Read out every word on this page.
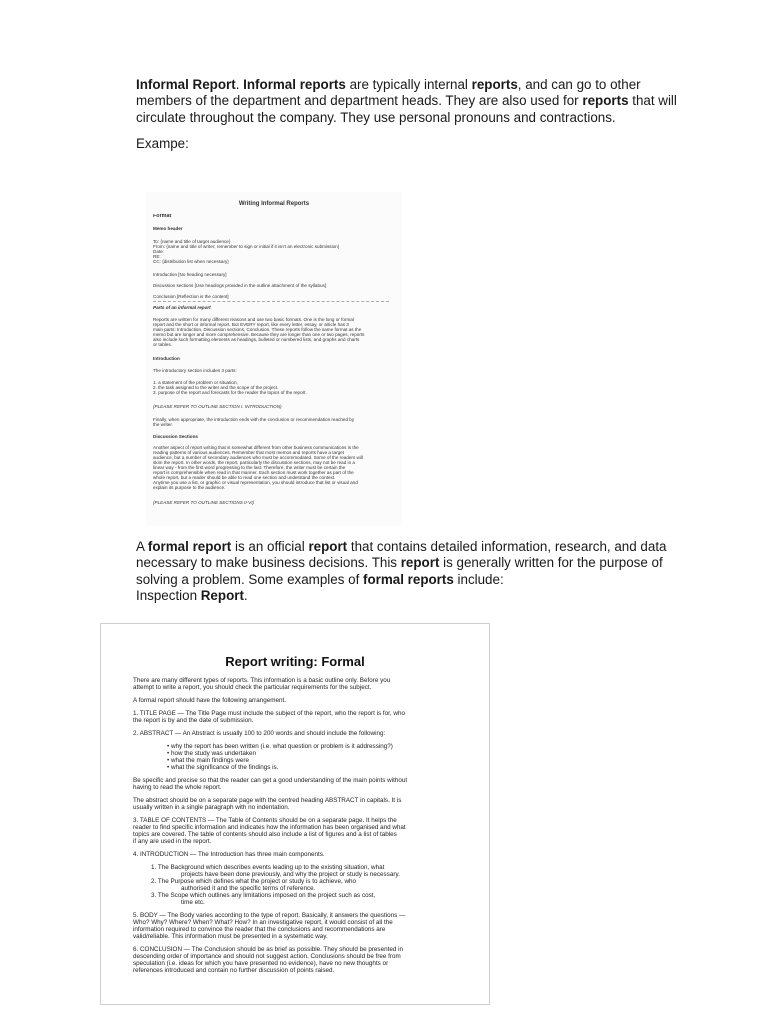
Informal Report. Informal reports are typically internal reports, and can go to other members of the department and department heads. They are also used for reports that will circulate throughout the company. They use personal pronouns and contractions.

Exampe:

Writing Informal Reports
Format
Memo header
To: {name and title of target audience}
From: {name and title of writer; remember to sign or initial if it isn't an electronic submission}
Date:
RE:
CC: {distribution list when necessary}
Introduction [No heading necessary]
Discussion sections [Use headings provided in the outline attachment of the syllabus]
Conclusion [Reflection is the content]
Parts of an informal report
Reports are written for many different reasons and use two basic formats. One is the long or formal
report and the short or informal report. But EVERY report, like every letter, essay, or article has 3
main parts: Introduction, Discussion sections, Conclusion. These reports follow the same format as the
memo but are longer and more comprehensive. Because they are longer than one or two pages, reports
also include such formatting elements as headings, bulleted or numbered lists, and graphs and charts
or tables.
Introduction
The introductory section includes 3 parts:
1. a statement of the problem or situation,
2. the task assigned to the writer and the scope of the project.
3. purpose of the report and forecasts for the reader the topics of the report.
(PLEASE REFER TO OUTLINE SECTION I. INTRODUCTION)
Finally, when appropriate, the introduction ends with the conclusion or recommendation reached by
the writer.
Discussion Sections
Another aspect of report writing that is somewhat different from other business communications is the
reading patterns of various audiences. Remember that most memos and reports have a target
audience, but a number of secondary audiences who must be accommodated. Some of the readers will
skim the report. In other words, the report, particularly the discussion sections, may not be read in a
linear way - from the first word progressing to the last. Therefore, the writer must be certain the
report is comprehensible when read in that manner. Each section must work together as part of the
whole report, but a reader should be able to read one section and understand the context.
Anytime you use a list, or graphic or visual representation, you should introduce that list or visual and
explain its purpose to the audience.
(PLEASE REFER TO OUTLINE SECTIONS II-VI)

A formal report is an official report that contains detailed information, research, and data necessary to make business decisions. This report is generally written for the purpose of solving a problem. Some examples of formal reports include:
Inspection Report.

Report writing: Formal
There are many different types of reports. This information is a basic outline only. Before you
attempt to write a report, you should check the particular requirements for the subject.
A formal report should have the following arrangement.
1. TITLE PAGE — The Title Page must include the subject of the report, who the report is for, who
the report is by and the date of submission.
2. ABSTRACT — An Abstract is usually 100 to 200 words and should include the following:
• why the report has been written (i.e. what question or problem is it addressing?)
• how the study was undertaken
• what the main findings were
• what the significance of the findings is.
Be specific and precise so that the reader can get a good understanding of the main points without
having to read the whole report.
The abstract should be on a separate page with the centred heading ABSTRACT in capitals. It is
usually written in a single paragraph with no indentation.
3. TABLE OF CONTENTS — The Table of Contents should be on a separate page. It helps the
reader to find specific information and indicates how the information has been organised and what
topics are covered. The table of contents should also include a list of figures and a list of tables
if any are used in the report.
4. INTRODUCTION — The Introduction has three main components.
1. The Background which describes events leading up to the existing situation, what
projects have been done previously, and why the project or study is necessary.
2. The Purpose which defines what the project or study is to achieve, who
authorised it and the specific terms of reference.
3. The Scope which outlines any limitations imposed on the project such as cost,
time etc.
5. BODY — The Body varies according to the type of report. Basically, it answers the questions —
Who? Why? Where? When? What? How? In an investigative report, it would consist of all the
information required to convince the reader that the conclusions and recommendations are
valid/reliable. This information must be presented in a systematic way.
6. CONCLUSION — The Conclusion should be as brief as possible. They should be presented in
descending order of importance and should not suggest action. Conclusions should be free from
speculation (i.e. ideas for which you have presented no evidence), have no new thoughts or
references introduced and contain no further discussion of points raised.
